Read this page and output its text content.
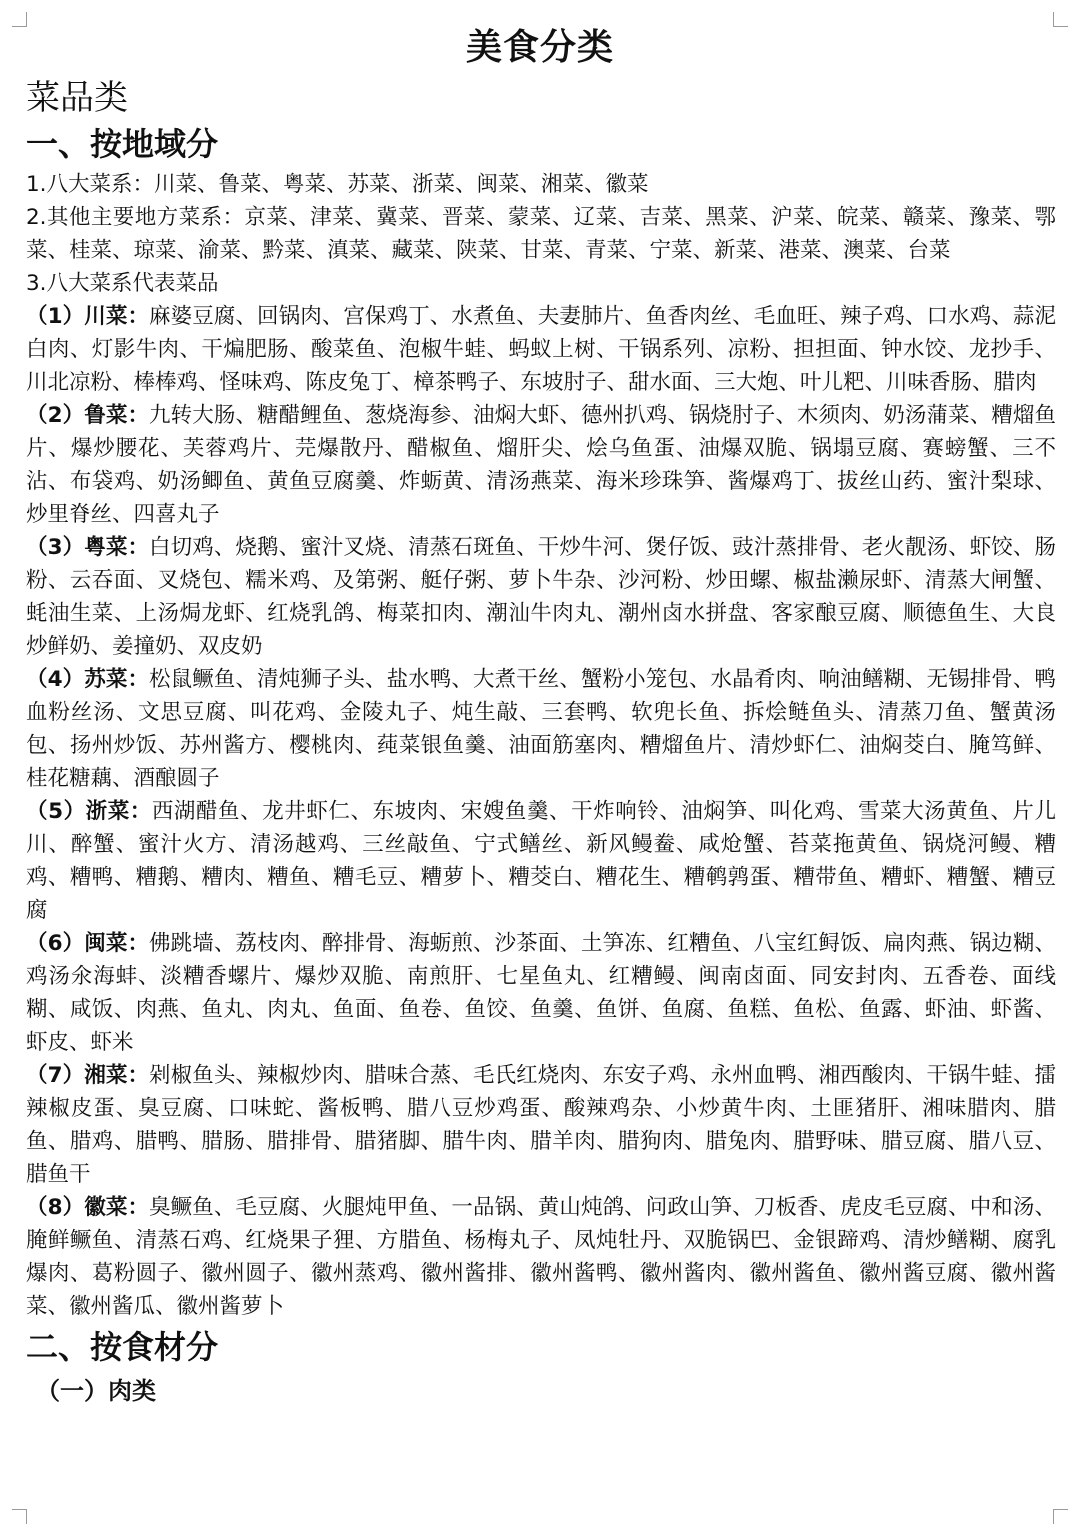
美食分类

菜品类

一、按地域分

1.八大菜系：川菜、鲁菜、粤菜、苏菜、浙菜、闽菜、湘菜、徽菜

2.其他主要地方菜系：京菜、津菜、冀菜、晋菜、蒙菜、辽菜、吉菜、黑菜、沪菜、皖菜、赣菜、豫菜、鄂菜、桂菜、琼菜、渝菜、黔菜、滇菜、藏菜、陕菜、甘菜、青菜、宁菜、新菜、港菜、澳菜、台菜

3.八大菜系代表菜品

（1）川菜：麻婆豆腐、回锅肉、宫保鸡丁、水煮鱼、夫妻肺片、鱼香肉丝、毛血旺、辣子鸡、口水鸡、蒜泥白肉、灯影牛肉、干煸肥肠、酸菜鱼、泡椒牛蛙、蚂蚁上树、干锅系列、凉粉、担担面、钟水饺、龙抄手、川北凉粉、棒棒鸡、怪味鸡、陈皮兔丁、樟茶鸭子、东坡肘子、甜水面、三大炮、叶儿粑、川味香肠、腊肉

（2）鲁菜：九转大肠、糖醋鲤鱼、葱烧海参、油焖大虾、德州扒鸡、锅烧肘子、木须肉、奶汤蒲菜、糟熘鱼片、爆炒腰花、芙蓉鸡片、芫爆散丹、醋椒鱼、熘肝尖、烩乌鱼蛋、油爆双脆、锅塌豆腐、赛螃蟹、三不沾、布袋鸡、奶汤鲫鱼、黄鱼豆腐羹、炸蛎黄、清汤燕菜、海米珍珠笋、酱爆鸡丁、拔丝山药、蜜汁梨球、炒里脊丝、四喜丸子

（3）粤菜：白切鸡、烧鹅、蜜汁叉烧、清蒸石斑鱼、干炒牛河、煲仔饭、豉汁蒸排骨、老火靓汤、虾饺、肠粉、云吞面、叉烧包、糯米鸡、及第粥、艇仔粥、萝卜牛杂、沙河粉、炒田螺、椒盐濑尿虾、清蒸大闸蟹、蚝油生菜、上汤焗龙虾、红烧乳鸽、梅菜扣肉、潮汕牛肉丸、潮州卤水拼盘、客家酿豆腐、顺德鱼生、大良炒鲜奶、姜撞奶、双皮奶

（4）苏菜：松鼠鳜鱼、清炖狮子头、盐水鸭、大煮干丝、蟹粉小笼包、水晶肴肉、响油鳝糊、无锡排骨、鸭血粉丝汤、文思豆腐、叫花鸡、金陵丸子、炖生敲、三套鸭、软兜长鱼、拆烩鲢鱼头、清蒸刀鱼、蟹黄汤包、扬州炒饭、苏州酱方、樱桃肉、莼菜银鱼羹、油面筋塞肉、糟熘鱼片、清炒虾仁、油焖茭白、腌笃鲜、桂花糖藕、酒酿圆子

（5）浙菜：西湖醋鱼、龙井虾仁、东坡肉、宋嫂鱼羹、干炸响铃、油焖笋、叫化鸡、雪菜大汤黄鱼、片儿川、醉蟹、蜜汁火方、清汤越鸡、三丝敲鱼、宁式鳝丝、新风鳗鲞、咸炝蟹、苔菜拖黄鱼、锅烧河鳗、糟鸡、糟鸭、糟鹅、糟肉、糟鱼、糟毛豆、糟萝卜、糟茭白、糟花生、糟鹌鹑蛋、糟带鱼、糟虾、糟蟹、糟豆腐

（6）闽菜：佛跳墙、荔枝肉、醉排骨、海蛎煎、沙茶面、土笋冻、红糟鱼、八宝红鲟饭、扁肉燕、锅边糊、鸡汤氽海蚌、淡糟香螺片、爆炒双脆、南煎肝、七星鱼丸、红糟鳗、闽南卤面、同安封肉、五香卷、面线糊、咸饭、肉燕、鱼丸、肉丸、鱼面、鱼卷、鱼饺、鱼羹、鱼饼、鱼腐、鱼糕、鱼松、鱼露、虾油、虾酱、虾皮、虾米

（7）湘菜：剁椒鱼头、辣椒炒肉、腊味合蒸、毛氏红烧肉、东安子鸡、永州血鸭、湘西酸肉、干锅牛蛙、擂辣椒皮蛋、臭豆腐、口味蛇、酱板鸭、腊八豆炒鸡蛋、酸辣鸡杂、小炒黄牛肉、土匪猪肝、湘味腊肉、腊鱼、腊鸡、腊鸭、腊肠、腊排骨、腊猪脚、腊牛肉、腊羊肉、腊狗肉、腊兔肉、腊野味、腊豆腐、腊八豆、腊鱼干

（8）徽菜：臭鳜鱼、毛豆腐、火腿炖甲鱼、一品锅、黄山炖鸽、问政山笋、刀板香、虎皮毛豆腐、中和汤、腌鲜鳜鱼、清蒸石鸡、红烧果子狸、方腊鱼、杨梅丸子、凤炖牡丹、双脆锅巴、金银蹄鸡、清炒鳝糊、腐乳爆肉、葛粉圆子、徽州圆子、徽州蒸鸡、徽州酱排、徽州酱鸭、徽州酱肉、徽州酱鱼、徽州酱豆腐、徽州酱菜、徽州酱瓜、徽州酱萝卜

二、按食材分

（一）肉类
